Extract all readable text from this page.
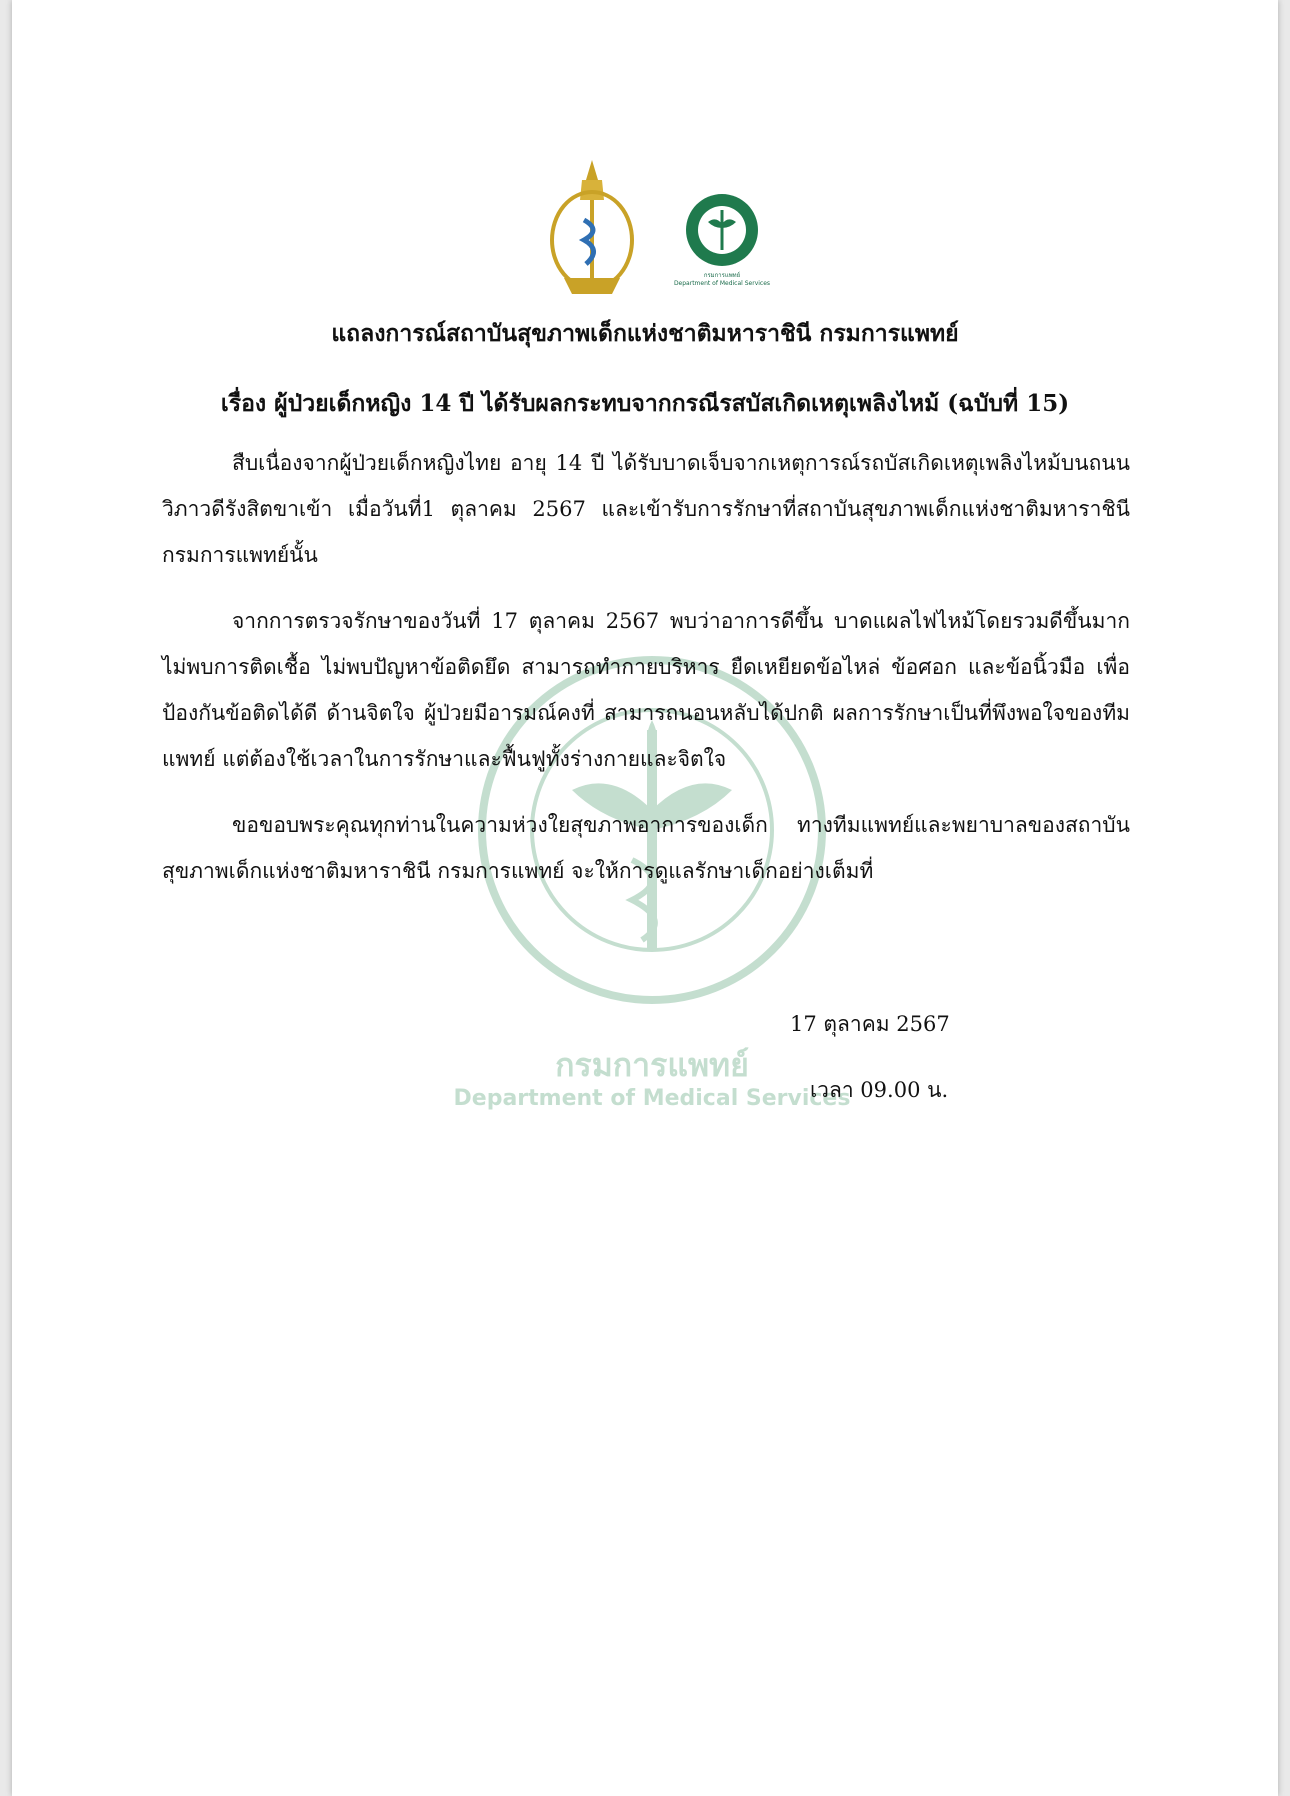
กรมการแพทย์
Department of Medical Services
กรมการแพทย์
Department of Medical Services
แถลงการณ์สถาบันสุขภาพเด็กแห่งชาติมหาราชินี กรมการแพทย์
เรื่อง ผู้ป่วยเด็กหญิง 14 ปี ได้รับผลกระทบจากกรณีรสบัสเกิดเหตุเพลิงไหม้ (ฉบับที่ 15)

สืบเนื่องจากผู้ป่วยเด็กหญิงไทย อายุ 14 ปี ได้รับบาดเจ็บจากเหตุการณ์รถบัสเกิดเหตุเพลิงไหม้บนถนนวิภาวดีรังสิตขาเข้า เมื่อวันที่1 ตุลาคม 2567 และเข้ารับการรักษาที่สถาบันสุขภาพเด็กแห่งชาติมหาราชินี กรมการแพทย์นั้น

จากการตรวจรักษาของวันที่ 17 ตุลาคม 2567 พบว่าอาการดีขึ้น บาดแผลไฟไหม้โดยรวมดีขึ้นมาก ไม่พบการติดเชื้อ ไม่พบปัญหาข้อติดยึด สามารถทำกายบริหาร ยืดเหยียดข้อไหล่ ข้อศอก และข้อนิ้วมือ เพื่อป้องกันข้อติดได้ดี ด้านจิตใจ ผู้ป่วยมีอารมณ์คงที่ สามารถนอนหลับได้ปกติ ผลการรักษาเป็นที่พึงพอใจของทีมแพทย์ แต่ต้องใช้เวลาในการรักษาและฟื้นฟูทั้งร่างกายและจิตใจ

ขอขอบพระคุณทุกท่านในความห่วงใยสุขภาพอาการของเด็ก ทางทีมแพทย์และพยาบาลของสถาบันสุขภาพเด็กแห่งชาติมหาราชินี กรมการแพทย์ จะให้การดูแลรักษาเด็กอย่างเต็มที่

17 ตุลาคม 2567
เวลา 09.00 น.
